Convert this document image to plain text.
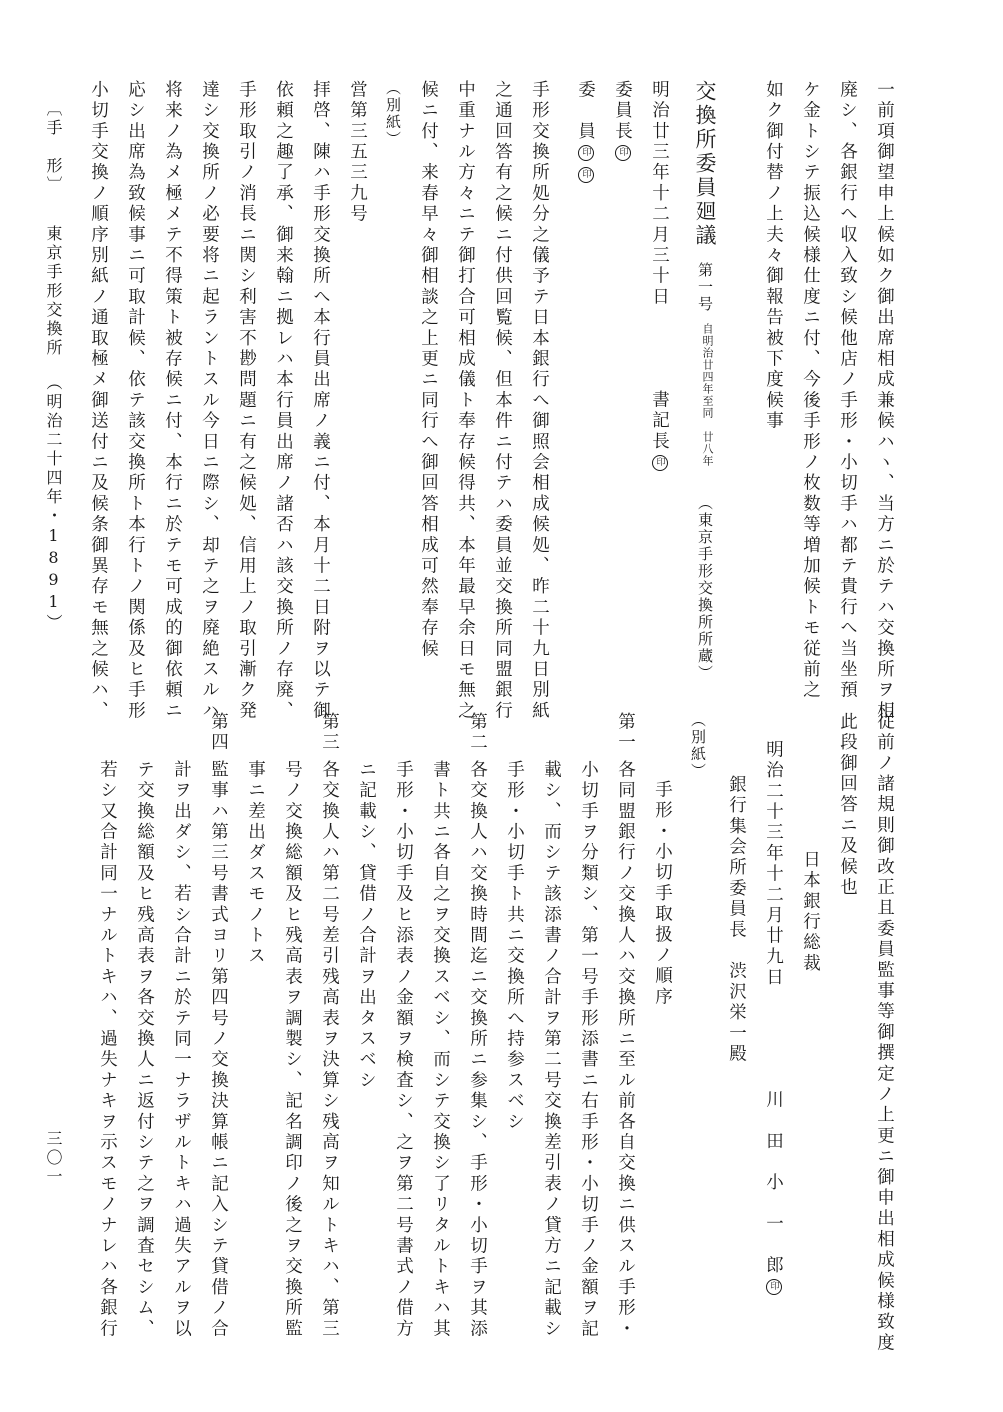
一前項御望申上候如ク御出席相成兼候ハヽ、当方ニ於テハ交換所ヲ相
廃シ、各銀行へ収入致シ候他店ノ手形・小切手ハ都テ貴行へ当坐預
ケ金トシテ振込候様仕度ニ付、今後手形ノ枚数等増加候トモ従前之
如ク御付替ノ上夫々御報告被下度候事
交換所委員廻議第一号自明治廿四年至同　廿八年（東京手形交換所所蔵）
明治廿三年十二月三十日
書記長印
委員長印
委　員印印
手形交換所処分之儀予テ日本銀行へ御照会相成候処、昨二十九日別紙
之通回答有之候ニ付供回覧候、但本件ニ付テハ委員並交換所同盟銀行
中重ナル方々ニテ御打合可相成儀ト奉存候得共、本年最早余日モ無之
候ニ付、来春早々御相談之上更ニ同行へ御回答相成可然奉存候
（別紙）
営第三五三九号
拝啓、陳ハ手形交換所へ本行員出席ノ義ニ付、本月十二日附ヲ以テ御
依頼之趣了承、御来翰ニ拠レハ本行員出席ノ諸否ハ該交換所ノ存廃、
手形取引ノ消長ニ関シ利害不尠問題ニ有之候処、信用上ノ取引漸ク発
達シ交換所ノ必要将ニ起ラントスル今日ニ際シ、却テ之ヲ廃絶スルハ
将来ノ為メ極メテ不得策ト被存候ニ付、本行ニ於テモ可成的御依頼ニ
応シ出席為致候事ニ可取計候、依テ該交換所ト本行トノ関係及ヒ手形
小切手交換ノ順序別紙ノ通取極メ御送付ニ及候条御異存モ無之候ハ、
従前ノ諸規則御改正且委員監事等御撰定ノ上更ニ御申出相成候様致度
此段御回答ニ及候也
日本銀行総裁
明治二十三年十二月廿九日
川　田　小　一　郎印
銀行集会所委員長　渋沢栄一殿
（別紙）
手形・小切手取扱ノ順序
第一
各同盟銀行ノ交換人ハ交換所ニ至ル前各自交換ニ供スル手形・
小切手ヲ分類シ、第一号手形添書ニ右手形・小切手ノ金額ヲ記
載シ、而シテ該添書ノ合計ヲ第二号交換差引表ノ貸方ニ記載シ
手形・小切手ト共ニ交換所へ持参スベシ
第二
各交換人ハ交換時間迄ニ交換所ニ参集シ、手形・小切手ヲ其添
書ト共ニ各自之ヲ交換スベシ、而シテ交換シ了リタルトキハ其
手形・小切手及ヒ添表ノ金額ヲ検査シ、之ヲ第二号書式ノ借方
ニ記載シ、貸借ノ合計ヲ出タスベシ
第三
各交換人ハ第二号差引残高表ヲ決算シ残高ヲ知ルトキハ、第三
号ノ交換総額及ヒ残高表ヲ調製シ、記名調印ノ後之ヲ交換所監
事ニ差出ダスモノトス
第四
監事ハ第三号書式ヨリ第四号ノ交換決算帳ニ記入シテ貸借ノ合
計ヲ出ダシ、若シ合計ニ於テ同一ナラザルトキハ過失アルヲ以
テ交換総額及ヒ残高表ヲ各交換人ニ返付シテ之ヲ調査セシム、
若シ又合計同一ナルトキハ、過失ナキヲ示スモノナレハ各銀行
〔手　形〕東京手形交換所（明治二十四年・1891）
三〇一
